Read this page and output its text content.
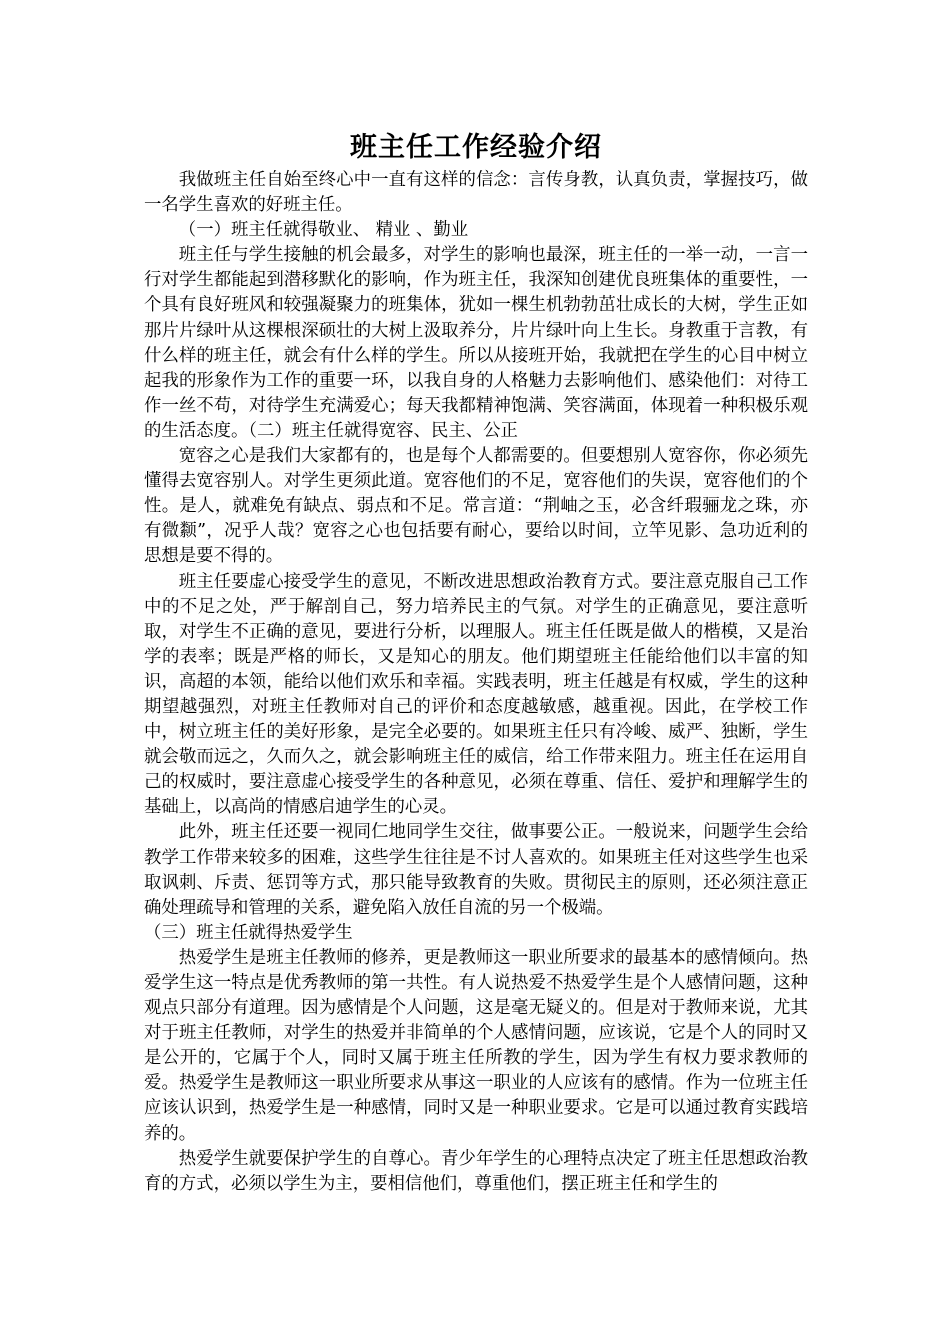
班主任工作经验介绍

我做班主任自始至终心中一直有这样的信念：言传身教，认真负责，掌握技巧，做一名学生喜欢的好班主任。

（一）班主任就得敬业、 精业 、勤业

班主任与学生接触的机会最多，对学生的影响也最深，班主任的一举一动，一言一行对学生都能起到潜移默化的影响，作为班主任，我深知创建优良班集体的重要性，一个具有良好班风和较强凝聚力的班集体，犹如一棵生机勃勃茁壮成长的大树，学生正如那片片绿叶从这棵根深硕壮的大树上汲取养分，片片绿叶向上生长。身教重于言教，有什么样的班主任，就会有什么样的学生。所以从接班开始，我就把在学生的心目中树立起我的形象作为工作的重要一环，以我自身的人格魅力去影响他们、感染他们：对待工作一丝不苟，对待学生充满爱心；每天我都精神饱满、笑容满面，体现着一种积极乐观的生活态度。（二）班主任就得宽容、民主、公正

宽容之心是我们大家都有的，也是每个人都需要的。但要想别人宽容你，你必须先懂得去宽容别人。对学生更须此道。宽容他们的不足，宽容他们的失误，宽容他们的个性。是人，就难免有缺点、弱点和不足。常言道：“荆岫之玉，必含纤瑕骊龙之珠，亦有微颣”，况乎人哉？宽容之心也包括要有耐心，要给以时间，立竿见影、急功近利的思想是要不得的。

班主任要虚心接受学生的意见，不断改进思想政治教育方式。要注意克服自己工作中的不足之处，严于解剖自己，努力培养民主的气氛。对学生的正确意见，要注意听取，对学生不正确的意见，要进行分析，以理服人。班主任任既是做人的楷模，又是治学的表率；既是严格的师长，又是知心的朋友。他们期望班主任能给他们以丰富的知识，高超的本领，能给以他们欢乐和幸福。实践表明，班主任越是有权威，学生的这种期望越强烈，对班主任教师对自己的评价和态度越敏感，越重视。因此，在学校工作中，树立班主任的美好形象，是完全必要的。如果班主任只有冷峻、威严、独断，学生就会敬而远之，久而久之，就会影响班主任的威信，给工作带来阻力。班主任在运用自己的权威时，要注意虚心接受学生的各种意见，必须在尊重、信任、爱护和理解学生的基础上，以高尚的情感启迪学生的心灵。

此外，班主任还要一视同仁地同学生交往，做事要公正。一般说来，问题学生会给教学工作带来较多的困难，这些学生往往是不讨人喜欢的。如果班主任对这些学生也采取讽刺、斥责、惩罚等方式，那只能导致教育的失败。贯彻民主的原则，还必须注意正确处理疏导和管理的关系，避免陷入放任自流的另一个极端。

（三）班主任就得热爱学生

热爱学生是班主任教师的修养，更是教师这一职业所要求的最基本的感情倾向。热爱学生这一特点是优秀教师的第一共性。有人说热爱不热爱学生是个人感情问题，这种观点只部分有道理。因为感情是个人问题，这是毫无疑义的。但是对于教师来说，尤其对于班主任教师，对学生的热爱并非简单的个人感情问题，应该说，它是个人的同时又是公开的，它属于个人，同时又属于班主任所教的学生，因为学生有权力要求教师的爱。热爱学生是教师这一职业所要求从事这一职业的人应该有的感情。作为一位班主任应该认识到，热爱学生是一种感情，同时又是一种职业要求。它是可以通过教育实践培养的。

热爱学生就要保护学生的自尊心。青少年学生的心理特点决定了班主任思想政治教育的方式，必须以学生为主，要相信他们，尊重他们，摆正班主任和学生的
